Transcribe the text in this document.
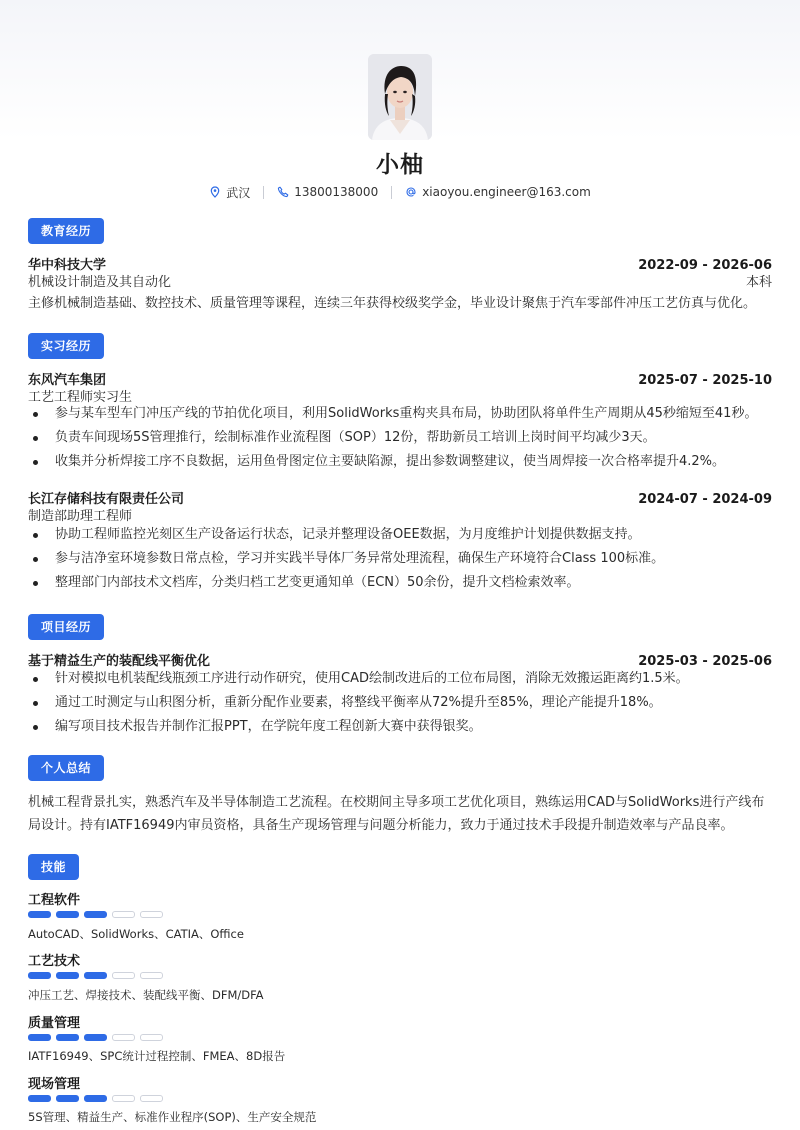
小柚
武汉	13800138000	xiaoyou.engineer@163.com
教育经历
华中科技大学	2022-09 - 2026-06
机械设计制造及其自动化	本科
主修机械制造基础、数控技术、质量管理等课程，连续三年获得校级奖学金，毕业设计聚焦于汽车零部件冲压工艺仿真与优化。
实习经历
东风汽车集团	2025-07 - 2025-10
工艺工程师实习生
参与某车型车门冲压产线的节拍优化项目，利用SolidWorks重构夹具布局，协助团队将单件生产周期从45秒缩短至41秒。
负责车间现场5S管理推行，绘制标准作业流程图（SOP）12份，帮助新员工培训上岗时间平均减少3天。
收集并分析焊接工序不良数据，运用鱼骨图定位主要缺陷源，提出参数调整建议，使当周焊接一次合格率提升4.2%。
长江存储科技有限责任公司	2024-07 - 2024-09
制造部助理工程师
协助工程师监控光刻区生产设备运行状态，记录并整理设备OEE数据，为月度维护计划提供数据支持。
参与洁净室环境参数日常点检，学习并实践半导体厂务异常处理流程，确保生产环境符合Class 100标准。
整理部门内部技术文档库，分类归档工艺变更通知单（ECN）50余份，提升文档检索效率。
项目经历
基于精益生产的装配线平衡优化	2025-03 - 2025-06
针对模拟电机装配线瓶颈工序进行动作研究，使用CAD绘制改进后的工位布局图，消除无效搬运距离约1.5米。
通过工时测定与山积图分析，重新分配作业要素，将整线平衡率从72%提升至85%，理论产能提升18%。
编写项目技术报告并制作汇报PPT，在学院年度工程创新大赛中获得银奖。
个人总结
机械工程背景扎实，熟悉汽车及半导体制造工艺流程。在校期间主导多项工艺优化项目，熟练运用CAD与SolidWorks进行产线布
局设计。持有IATF16949内审员资格，具备生产现场管理与问题分析能力，致力于通过技术手段提升制造效率与产品良率。
技能
工程软件
AutoCAD、SolidWorks、CATIA、Office
工艺技术
冲压工艺、焊接技术、装配线平衡、DFM/DFA
质量管理
IATF16949、SPC统计过程控制、FMEA、8D报告
现场管理
5S管理、精益生产、标准作业程序(SOP)、生产安全规范
